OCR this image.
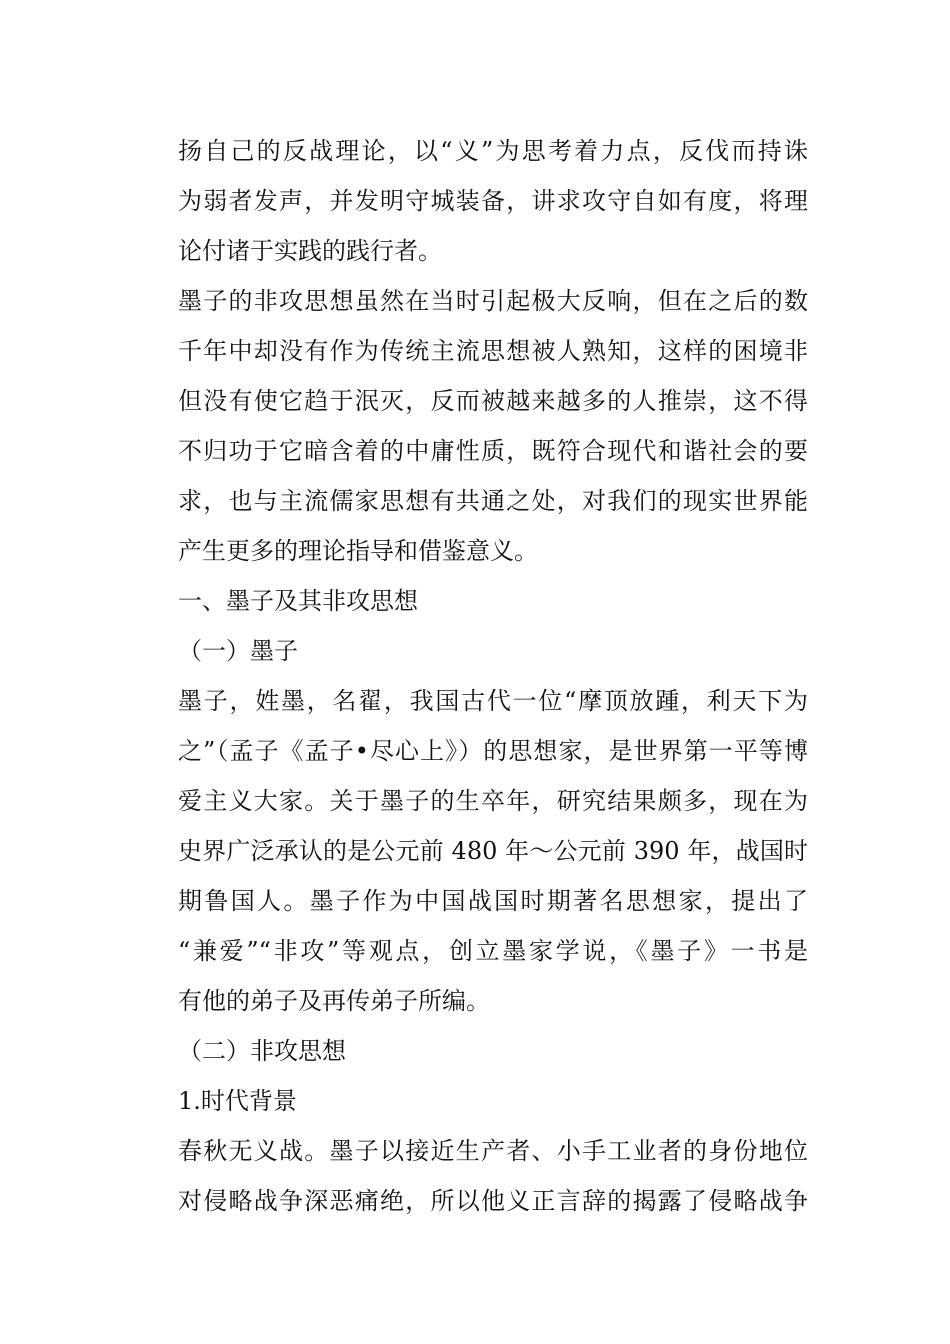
扬自己的反战理论，以“义”为思考着力点，反伐而持诛
为弱者发声，并发明守城装备，讲求攻守自如有度，将理
论付诸于实践的践行者。
墨子的非攻思想虽然在当时引起极大反响，但在之后的数
千年中却没有作为传统主流思想被人熟知，这样的困境非
但没有使它趋于泯灭，反而被越来越多的人推崇，这不得
不归功于它暗含着的中庸性质，既符合现代和谐社会的要
求，也与主流儒家思想有共通之处，对我们的现实世界能
产生更多的理论指导和借鉴意义。
一、墨子及其非攻思想
（一）墨子
墨子，姓墨，名翟，我国古代一位“摩顶放踵，利天下为
之”（孟子《孟子•尽心上》）的思想家，是世界第一平等博
爱主义大家。关于墨子的生卒年，研究结果颇多，现在为
史界广泛承认的是公元前 480 年～公元前 390 年，战国时
期鲁国人。墨子作为中国战国时期著名思想家，提出了
“兼爱”“非攻”等观点，创立墨家学说，《墨子》一书是
有他的弟子及再传弟子所编。
（二）非攻思想
1.时代背景
春秋无义战。墨子以接近生产者、小手工业者的身份地位
对侵略战争深恶痛绝，所以他义正言辞的揭露了侵略战争
